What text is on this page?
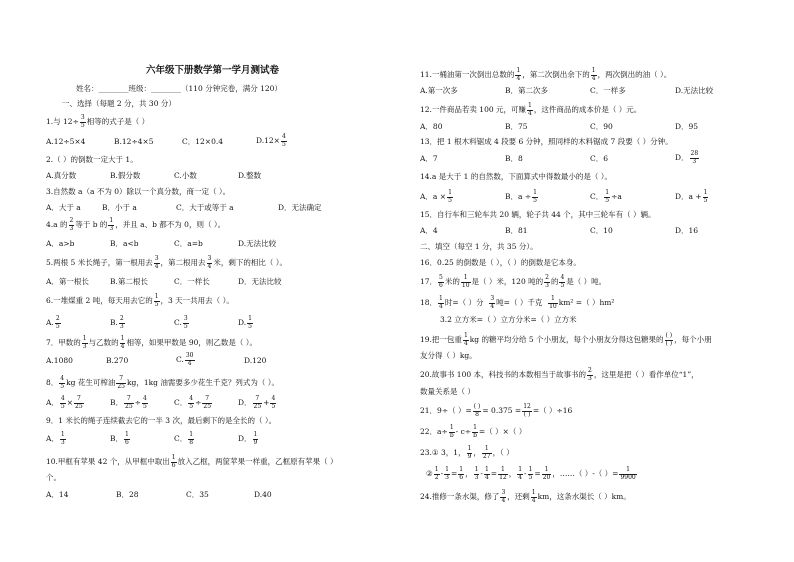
六年级下册数学第一学月测试卷
姓名：________班级：________（110 分钟完卷，满分 120）
一、选择（每题 2 分，共 30 分）
1.与 $12\div \frac{3}{5}$ 相等的式子是（ ）
A.12÷5×4	B.12÷4×5	C．12×0.4	$D.12\times \frac{4}{5}$
2.（ ）的倒数一定大于 1。
A.真分数	B.假分数	C.小数	D.整数
3.自然数 a（a 不为 0）除以一个真分数，商一定（ ）。
A．大于 a	B．小于 a	C．大于或等于 a	D．无法确定
4.a 的 $\frac{2}{3}$ 等于 b 的 $\frac{1}{3}$ ，并且 a、b 都不为 0，则（ ）。
A．a>b	B．a<b	C．a=b	D.无法比较
5.两根 5 米长绳子，第一根用去 $\frac{3}{4}$ ，第二根用去 $\frac{3}{4}$ 米，剩下的相比（ ）。
A．第一根长	B.第二根长	C．一样长	D．无法比较
6.一堆煤重 2 吨，每天用去它的 $\frac{1}{5}$ ，3 天一共用去（ ）。
A. $\frac{2}{5}$	B. $\frac{2}{3}$	C. $\frac{3}{5}$	D. $\frac{1}{5}$
7．甲数的 $\frac{1}{3}$ 与乙数的 $\frac{1}{4}$ 相等，如果甲数是 90，则乙数是（ ）。
A.1080	B.270	C. $\frac{30}{4}$	D.120
8． $\frac{4}{5}$ kg 花生可榨油 $\frac{7}{25}$ kg，1kg 油需要多少花生千克？列式为（ ）。
A． $\frac{4}{5} \times \frac{7}{25}$	B． $\frac{7}{25} \div \frac{4}{5}$	C． $\frac{4}{5} \div \frac{7}{25}$	D． $\frac{7}{25} + \frac{4}{5}$
9．1 米长的绳子连续截去它的一半 3 次，最后剩下的是全长的（ ）。
A． $\frac{1}{3}$	B． $\frac{1}{6}$	C． $\frac{1}{8}$	D． $\frac{1}{9}$
10.甲框有苹果 42 个，从甲框中取出 $\frac{1}{6}$ 放入乙框，两筐苹果一样重，乙框原有苹果（ ）
个。
A．14	B．28	C．35	D.40
11.一桶油第一次倒出总数的 $\frac{1}{4}$ ，第二次倒出余下的 $\frac{1}{4}$ ，两次倒出的油（ ）。
A.第一次多	B．第二次多	C．一样多	D.无法比较
12.一件商品若卖 100 元，可赚 $\frac{1}{4}$ ，这件商品的成本价是（ ）元。
A．80	B．75	C．90	D．95
13．把 1 根木料锯成 4 段要 6 分钟，照同样的木料锯成 7 段要（ ）分钟。
A．7	B．8	C．6	D． $\frac{28}{3}$
14.a 是大于 1 的自然数，下面算式中得数最小的是（ ）。
A．$a \times \frac{1}{5}$	B．$a \div \frac{1}{5}$	C． $\frac{1}{5} \div a$	D．$a + \frac{1}{5}$
15．自行车和三轮车共 20 辆，轮子共 44 个，其中三轮车有（ ）辆。
A．4	B．81	C．10	D．16
二、填空（每空 1 分，共 35 分）。
16．0.25 的倒数是（ ），（ ）的倒数是它本身。
17． $\frac{5}{6}$ 米的 $\frac{1}{10}$ 是（ ）米，120 吨的 $\frac{2}{3}$ 的 $\frac{4}{5}$ 是（ ）吨。
18． $\frac{1}{4}$ 时=（ ）分 $\frac{3}{4}$ 吨=（ ）千克 $\frac{1}{10} km^2$ =（ ）hm²
3.2 立方米=（ ）立方分米=（ ）立方米
19.把一包重 $\frac{1}{4}$ kg 的糖平均分给 5 个小朋友，每个小朋友分得这包糖果的 $\frac{( )}{( )}$ ，每个小朋
友分得（ ）kg。
20.故事书 100 本，科技书的本数相当于故事书的 $\frac{2}{3}$ ，这里是把（ ）看作单位“1”，
数量关系是（ ）
21．9÷（ ）= $\frac{( )}{8} = 0.375 = \frac{12}{( )}$ =（ ）÷16
22．$a\div \frac{1}{b} - c\div \frac{1}{b}$ =（ ）×（ ）
23.① 3，1， $\frac{1}{9}$ ， $\frac{1}{27}$ ，（ ）
② $\frac{1}{2} - \frac{1}{3} = \frac{1}{6}$ ， $\frac{1}{3} - \frac{1}{4} = \frac{1}{12}$ ， $\frac{1}{4} - \frac{1}{5} = \frac{1}{20}$ ，……（ ）-（ ）= $\frac{1}{9900}$
24.推修一条水渠，修了 $\frac{3}{4}$ ，还剩 $\frac{1}{4}$ km，这条水渠长（ ）km。
